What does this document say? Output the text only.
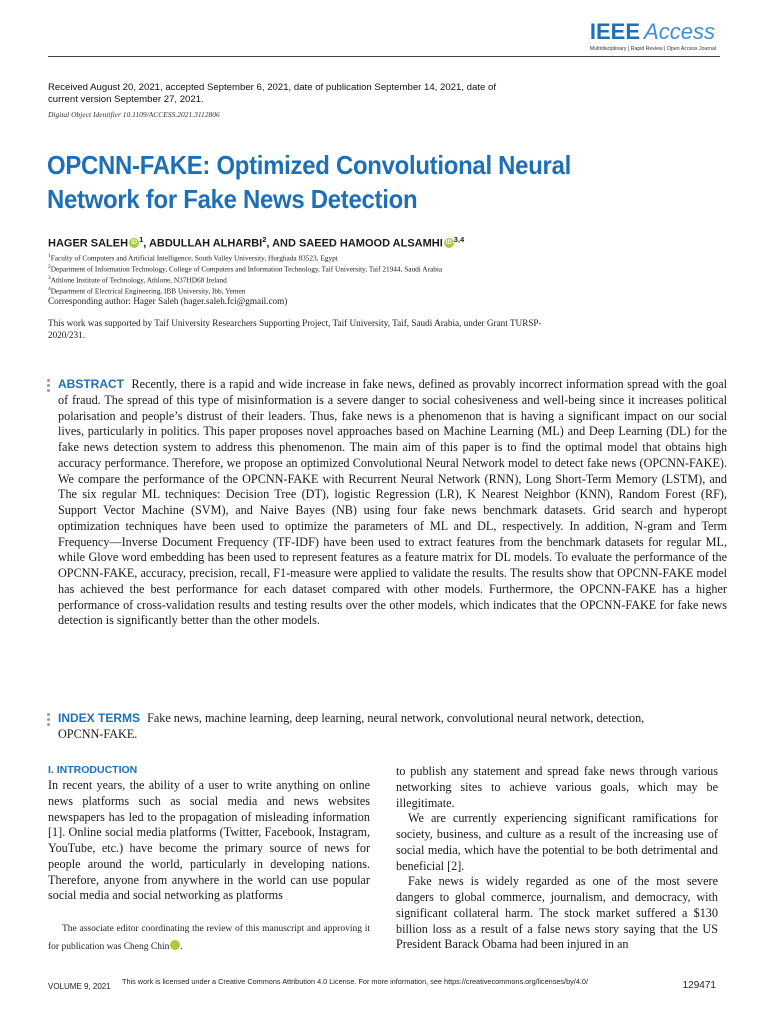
IEEE Access
Multidisciplinary | Rapid Review | Open Access Journal
Received August 20, 2021, accepted September 6, 2021, date of publication September 14, 2021, date of current version September 27, 2021.
Digital Object Identifier 10.1109/ACCESS.2021.3112806
OPCNN-FAKE: Optimized Convolutional Neural Network for Fake News Detection
HAGER SALEH iD $^1$, ABDULLAH ALHARBI$^2$, AND SAEED HAMOOD ALSAMHI iD $^{3,4}$
$^1$Faculty of Computers and Artificial Intelligence, South Valley University, Hurghada 83523, Egypt
$^2$Department of Information Technology, College of Computers and Information Technology, Taif University, Taif 21944, Saudi Arabia
$^3$Athlone Institute of Technology, Athlone, N37HD68 Ireland
$^4$Department of Electrical Engineering, IBB University, Ibb, Yemen
Corresponding author: Hager Saleh (hager.saleh.fci@gmail.com)
This work was supported by Taif University Researchers Supporting Project, Taif University, Taif, Saudi Arabia, under Grant TURSP-2020/231.

ABSTRACT Recently, there is a rapid and wide increase in fake news, defined as provably incorrect information spread with the goal of fraud. The spread of this type of misinformation is a severe danger to social cohesiveness and well-being since it increases political polarisation and people’s distrust of their leaders. Thus, fake news is a phenomenon that is having a significant impact on our social lives, particularly in politics. This paper proposes novel approaches based on Machine Learning (ML) and Deep Learning (DL) for the fake news detection system to address this phenomenon. The main aim of this paper is to find the optimal model that obtains high accuracy performance. Therefore, we propose an optimized Convolutional Neural Network model to detect fake news (OPCNN-FAKE). We compare the performance of the OPCNN-FAKE with Recurrent Neural Network (RNN), Long Short-Term Memory (LSTM), and The six regular ML techniques: Decision Tree (DT), logistic Regression (LR), K Nearest Neighbor (KNN), Random Forest (RF), Support Vector Machine (SVM), and Naive Bayes (NB) using four fake news benchmark datasets. Grid search and hyperopt optimization techniques have been used to optimize the parameters of ML and DL, respectively. In addition, N-gram and Term Frequency—Inverse Document Frequency (TF-IDF) have been used to extract features from the benchmark datasets for regular ML, while Glove word embedding has been used to represent features as a feature matrix for DL models. To evaluate the performance of the OPCNN-FAKE, accuracy, precision, recall, F1-measure were applied to validate the results. The results show that OPCNN-FAKE model has achieved the best performance for each dataset compared with other models. Furthermore, the OPCNN-FAKE has a higher performance of cross-validation results and testing results over the other models, which indicates that the OPCNN-FAKE for fake news detection is significantly better than the other models.

INDEX TERMS Fake news, machine learning, deep learning, neural network, convolutional neural network, detection, OPCNN-FAKE.

I. INTRODUCTION

In recent years, the ability of a user to write anything on online news platforms such as social media and news websites newspapers has led to the propagation of misleading information [1]. Online social media platforms (Twitter, Facebook, Instagram, YouTube, etc.) have become the primary source of news for people around the world, particularly in developing nations. Therefore, anyone from anywhere in the world can use popular social media and social networking as platforms

The associate editor coordinating the review of this manuscript and approving it for publication was Cheng Chin	iD.

to publish any statement and spread fake news through various networking sites to achieve various goals, which may be illegitimate.

We are currently experiencing significant ramifications for society, business, and culture as a result of the increasing use of social media, which have the potential to be both detrimental and beneficial [2].

Fake news is widely regarded as one of the most severe dangers to global commerce, journalism, and democracy, with significant collateral harm. The stock market suffered a $130 billion loss as a result of a false news story saying that the US President Barack Obama had been injured in an

VOLUME 9, 2021
This work is licensed under a Creative Commons Attribution 4.0 License. For more information, see https://creativecommons.org/licenses/by/4.0/	129471
